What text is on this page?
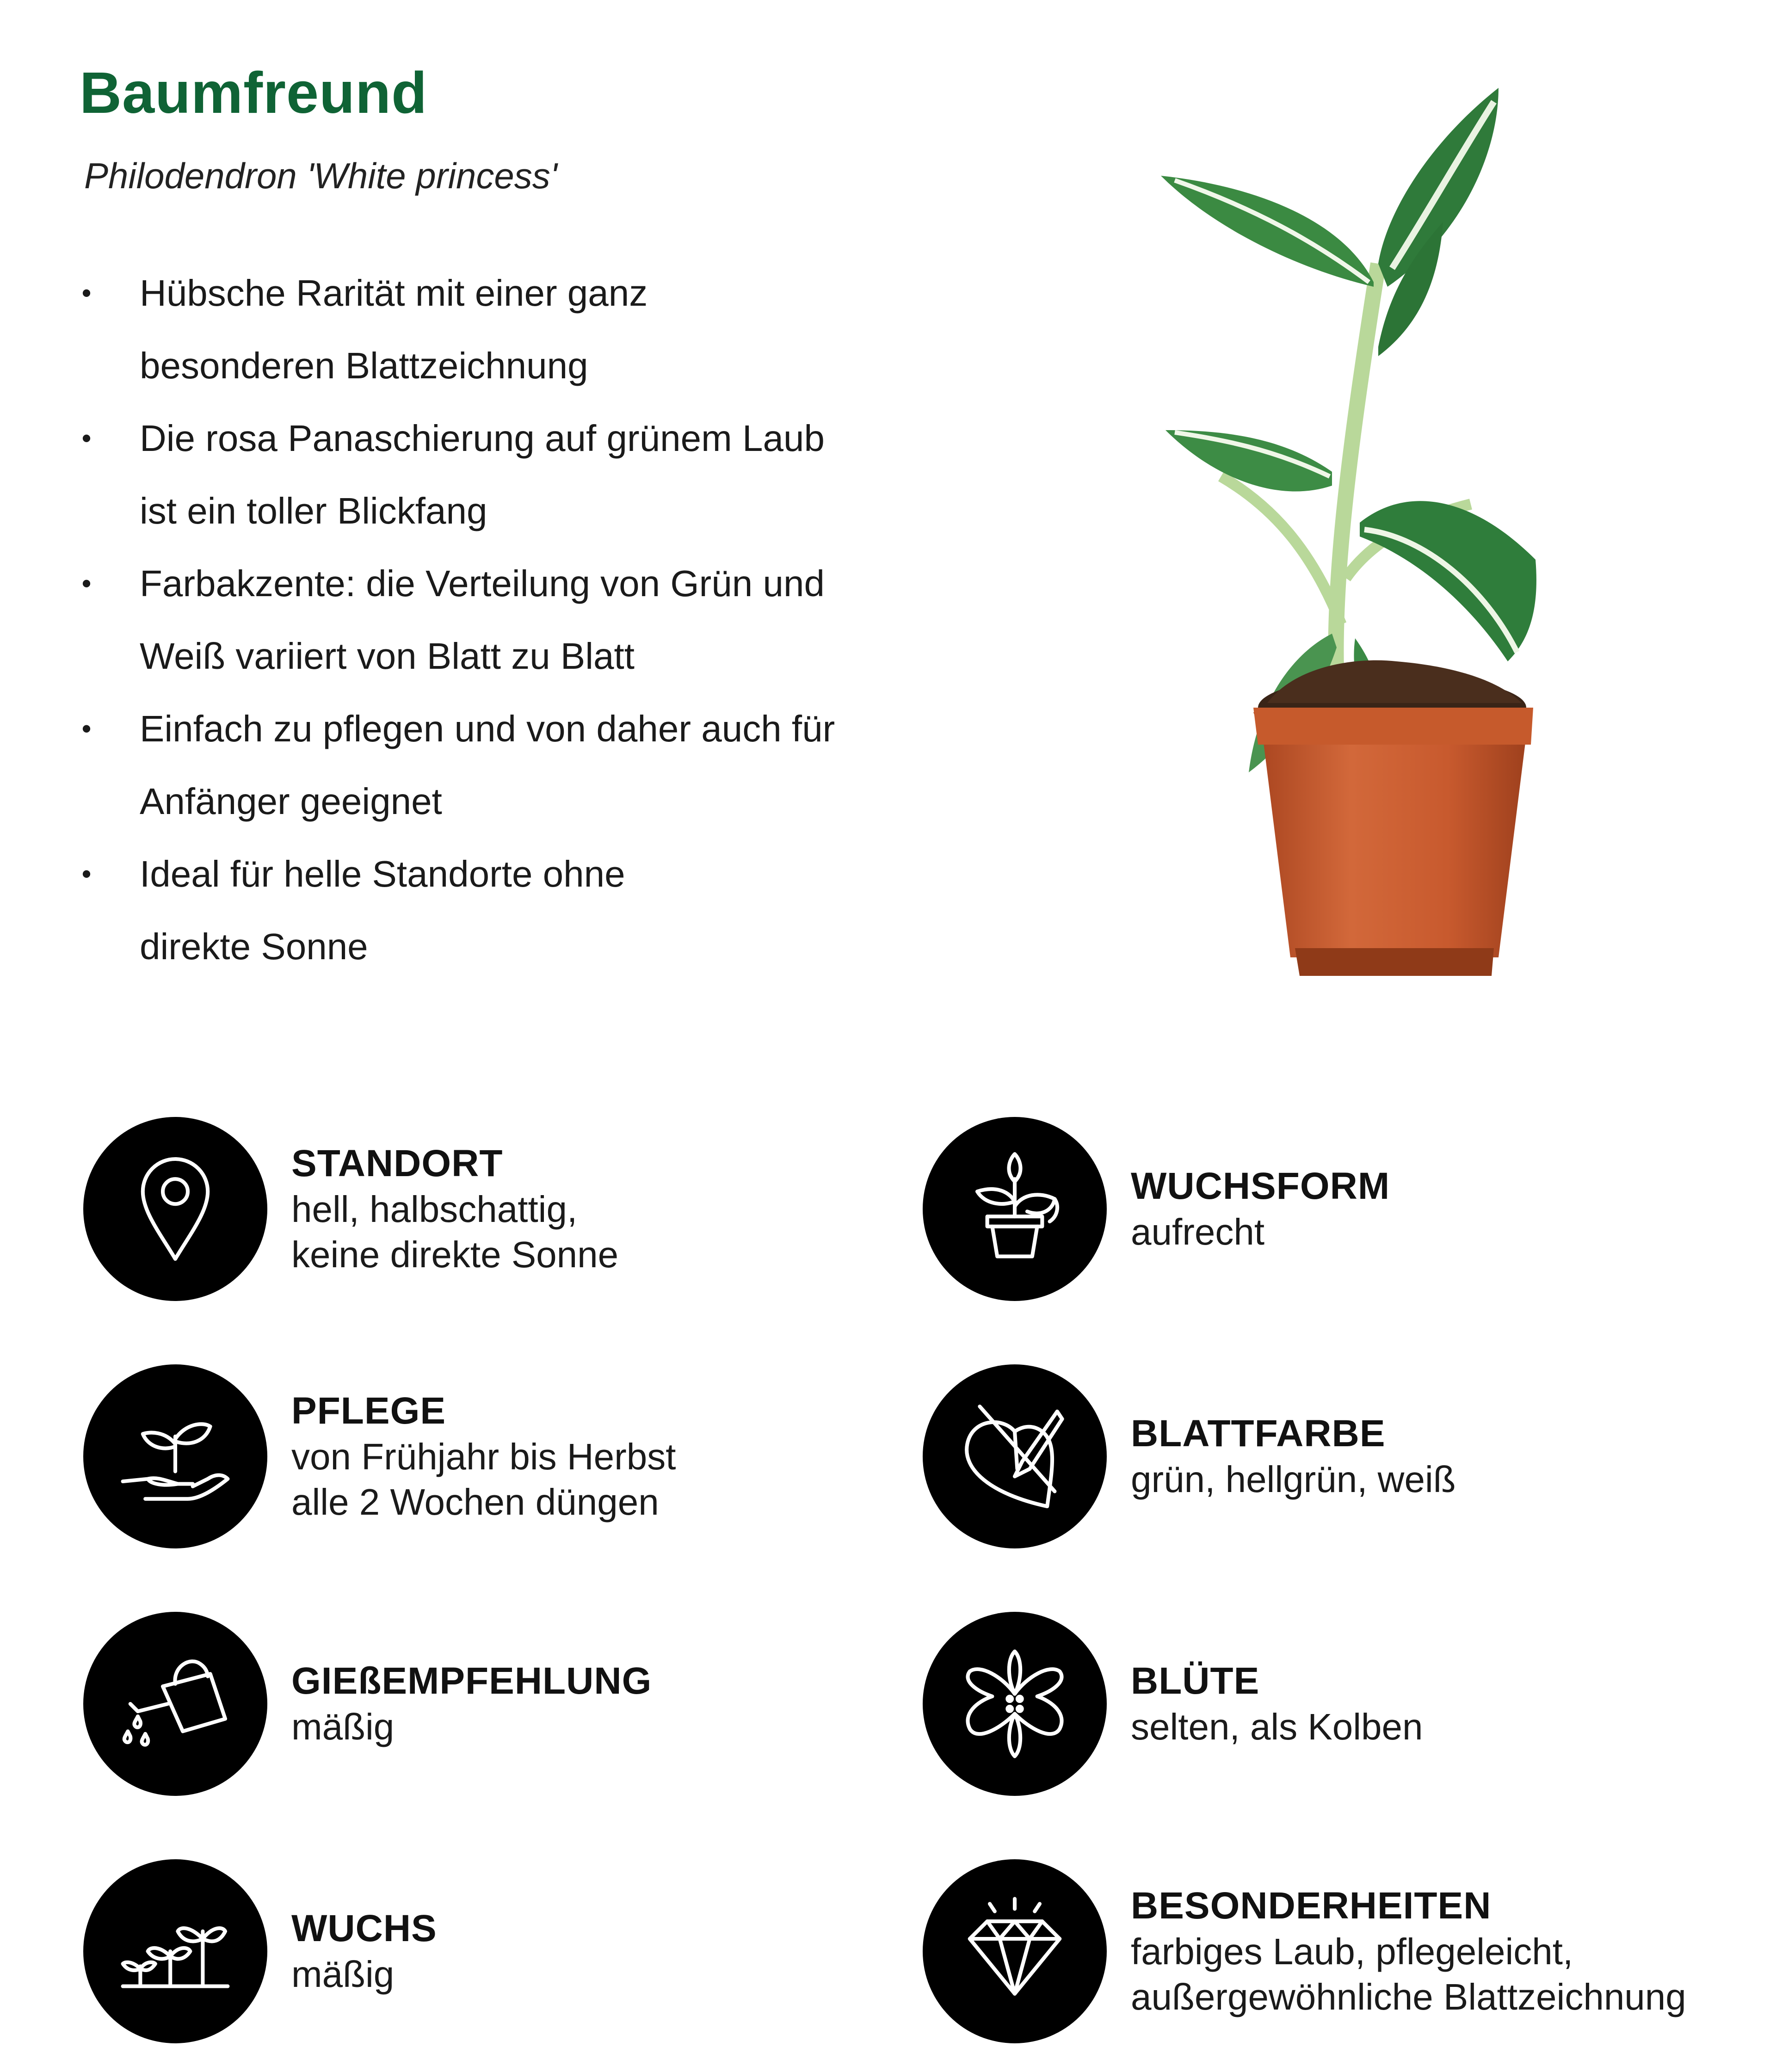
Baumfreund
Philodendron 'White princess'
• Hübsche Rarität mit einer ganz
besonderen Blattzeichnung
• Die rosa Panaschierung auf grünem Laub
ist ein toller Blickfang
• Farbakzente: die Verteilung von Grün und
Weiß variiert von Blatt zu Blatt
• Einfach zu pflegen und von daher auch für
Anfänger geeignet
• Ideal für helle Standorte ohne
direkte Sonne
STANDORT
hell, halbschattig,
keine direkte Sonne
PFLEGE
von Frühjahr bis Herbst
alle 2 Wochen düngen
GIEßEMPFEHLUNG
mäßig
WUCHS
mäßig
WUCHSFORM
aufrecht
BLATTFARBE
grün, hellgrün, weiß
BLÜTE
selten, als Kolben
BESONDERHEITEN
farbiges Laub, pflegeleicht,
außergewöhnliche Blattzeichnung
